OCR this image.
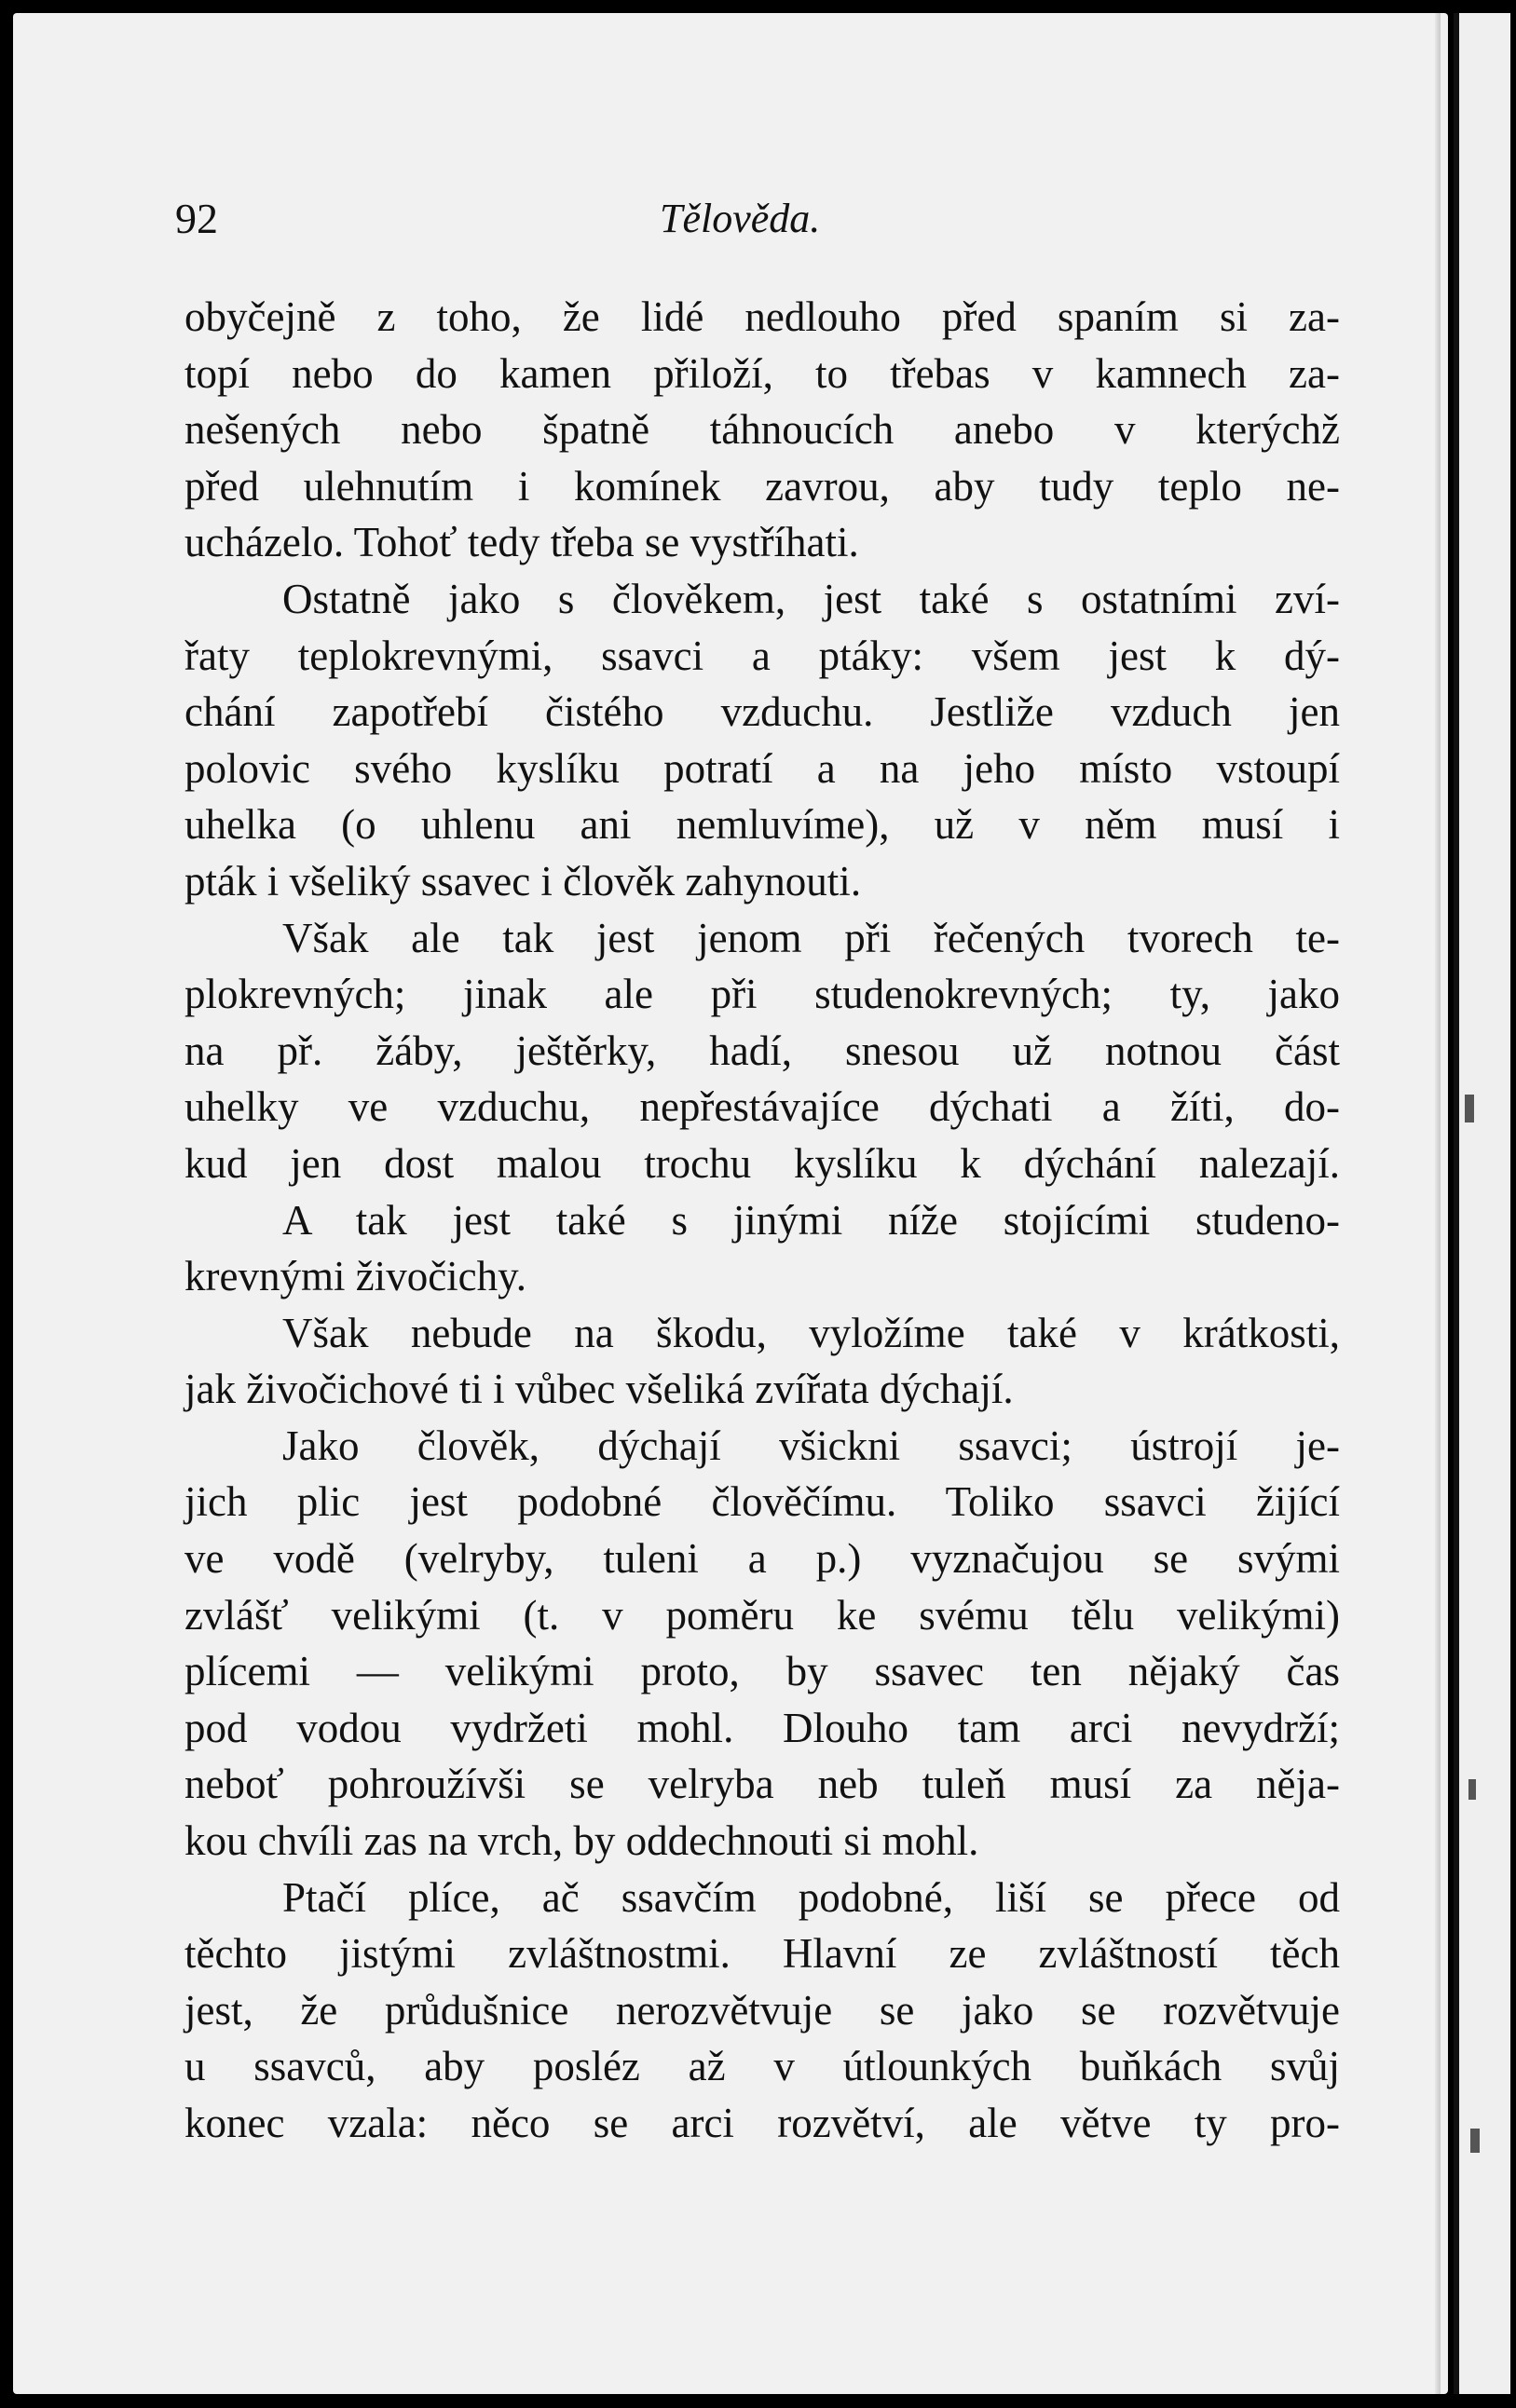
92	Tělověda.
obyčejně z toho, že lidé nedlouho před spaním si za-
topí nebo do kamen přiloží, to třebas v kamnech za-
nešených nebo špatně táhnoucích anebo v kterýchž
před ulehnutím i komínek zavrou, aby tudy teplo ne-
ucházelo. Tohoť tedy třeba se vystříhati.
Ostatně jako s člověkem, jest také s ostatními zví-
řaty teplokrevnými, ssavci a ptáky: všem jest k dý-
chání zapotřebí čistého vzduchu. Jestliže vzduch jen
polovic svého kyslíku potratí a na jeho místo vstoupí
uhelka (o uhlenu ani nemluvíme), už v něm musí i
pták i všeliký ssavec i člověk zahynouti.
Však ale tak jest jenom při řečených tvorech te-
plokrevných; jinak ale při studenokrevných; ty, jako
na př. žáby, ještěrky, hadí, snesou už notnou část
uhelky ve vzduchu, nepřestávajíce dýchati a žíti, do-
kud jen dost malou trochu kyslíku k dýchání nalezají.
A tak jest také s jinými níže stojícími studeno-
krevnými živočichy.
Však nebude na škodu, vyložíme také v krátkosti,
jak živočichové ti i vůbec všeliká zvířata dýchají.
Jako člověk, dýchají všickni ssavci; ústrojí je-
jich plic jest podobné člověčímu. Toliko ssavci žijící
ve vodě (velryby, tuleni a p.) vyznačujou se svými
zvlášť velikými (t. v poměru ke svému tělu velikými)
plícemi — velikými proto, by ssavec ten nějaký čas
pod vodou vydržeti mohl. Dlouho tam arci nevydrží;
neboť pohroužívši se velryba neb tuleň musí za něja-
kou chvíli zas na vrch, by oddechnouti si mohl.
Ptačí plíce, ač ssavčím podobné, liší se přece od
těchto jistými zvláštnostmi. Hlavní ze zvláštností těch
jest, že průdušnice nerozvětvuje se jako se rozvětvuje
u ssavců, aby posléz až v útlounkých buňkách svůj
konec vzala: něco se arci rozvětví, ale větve ty pro-
